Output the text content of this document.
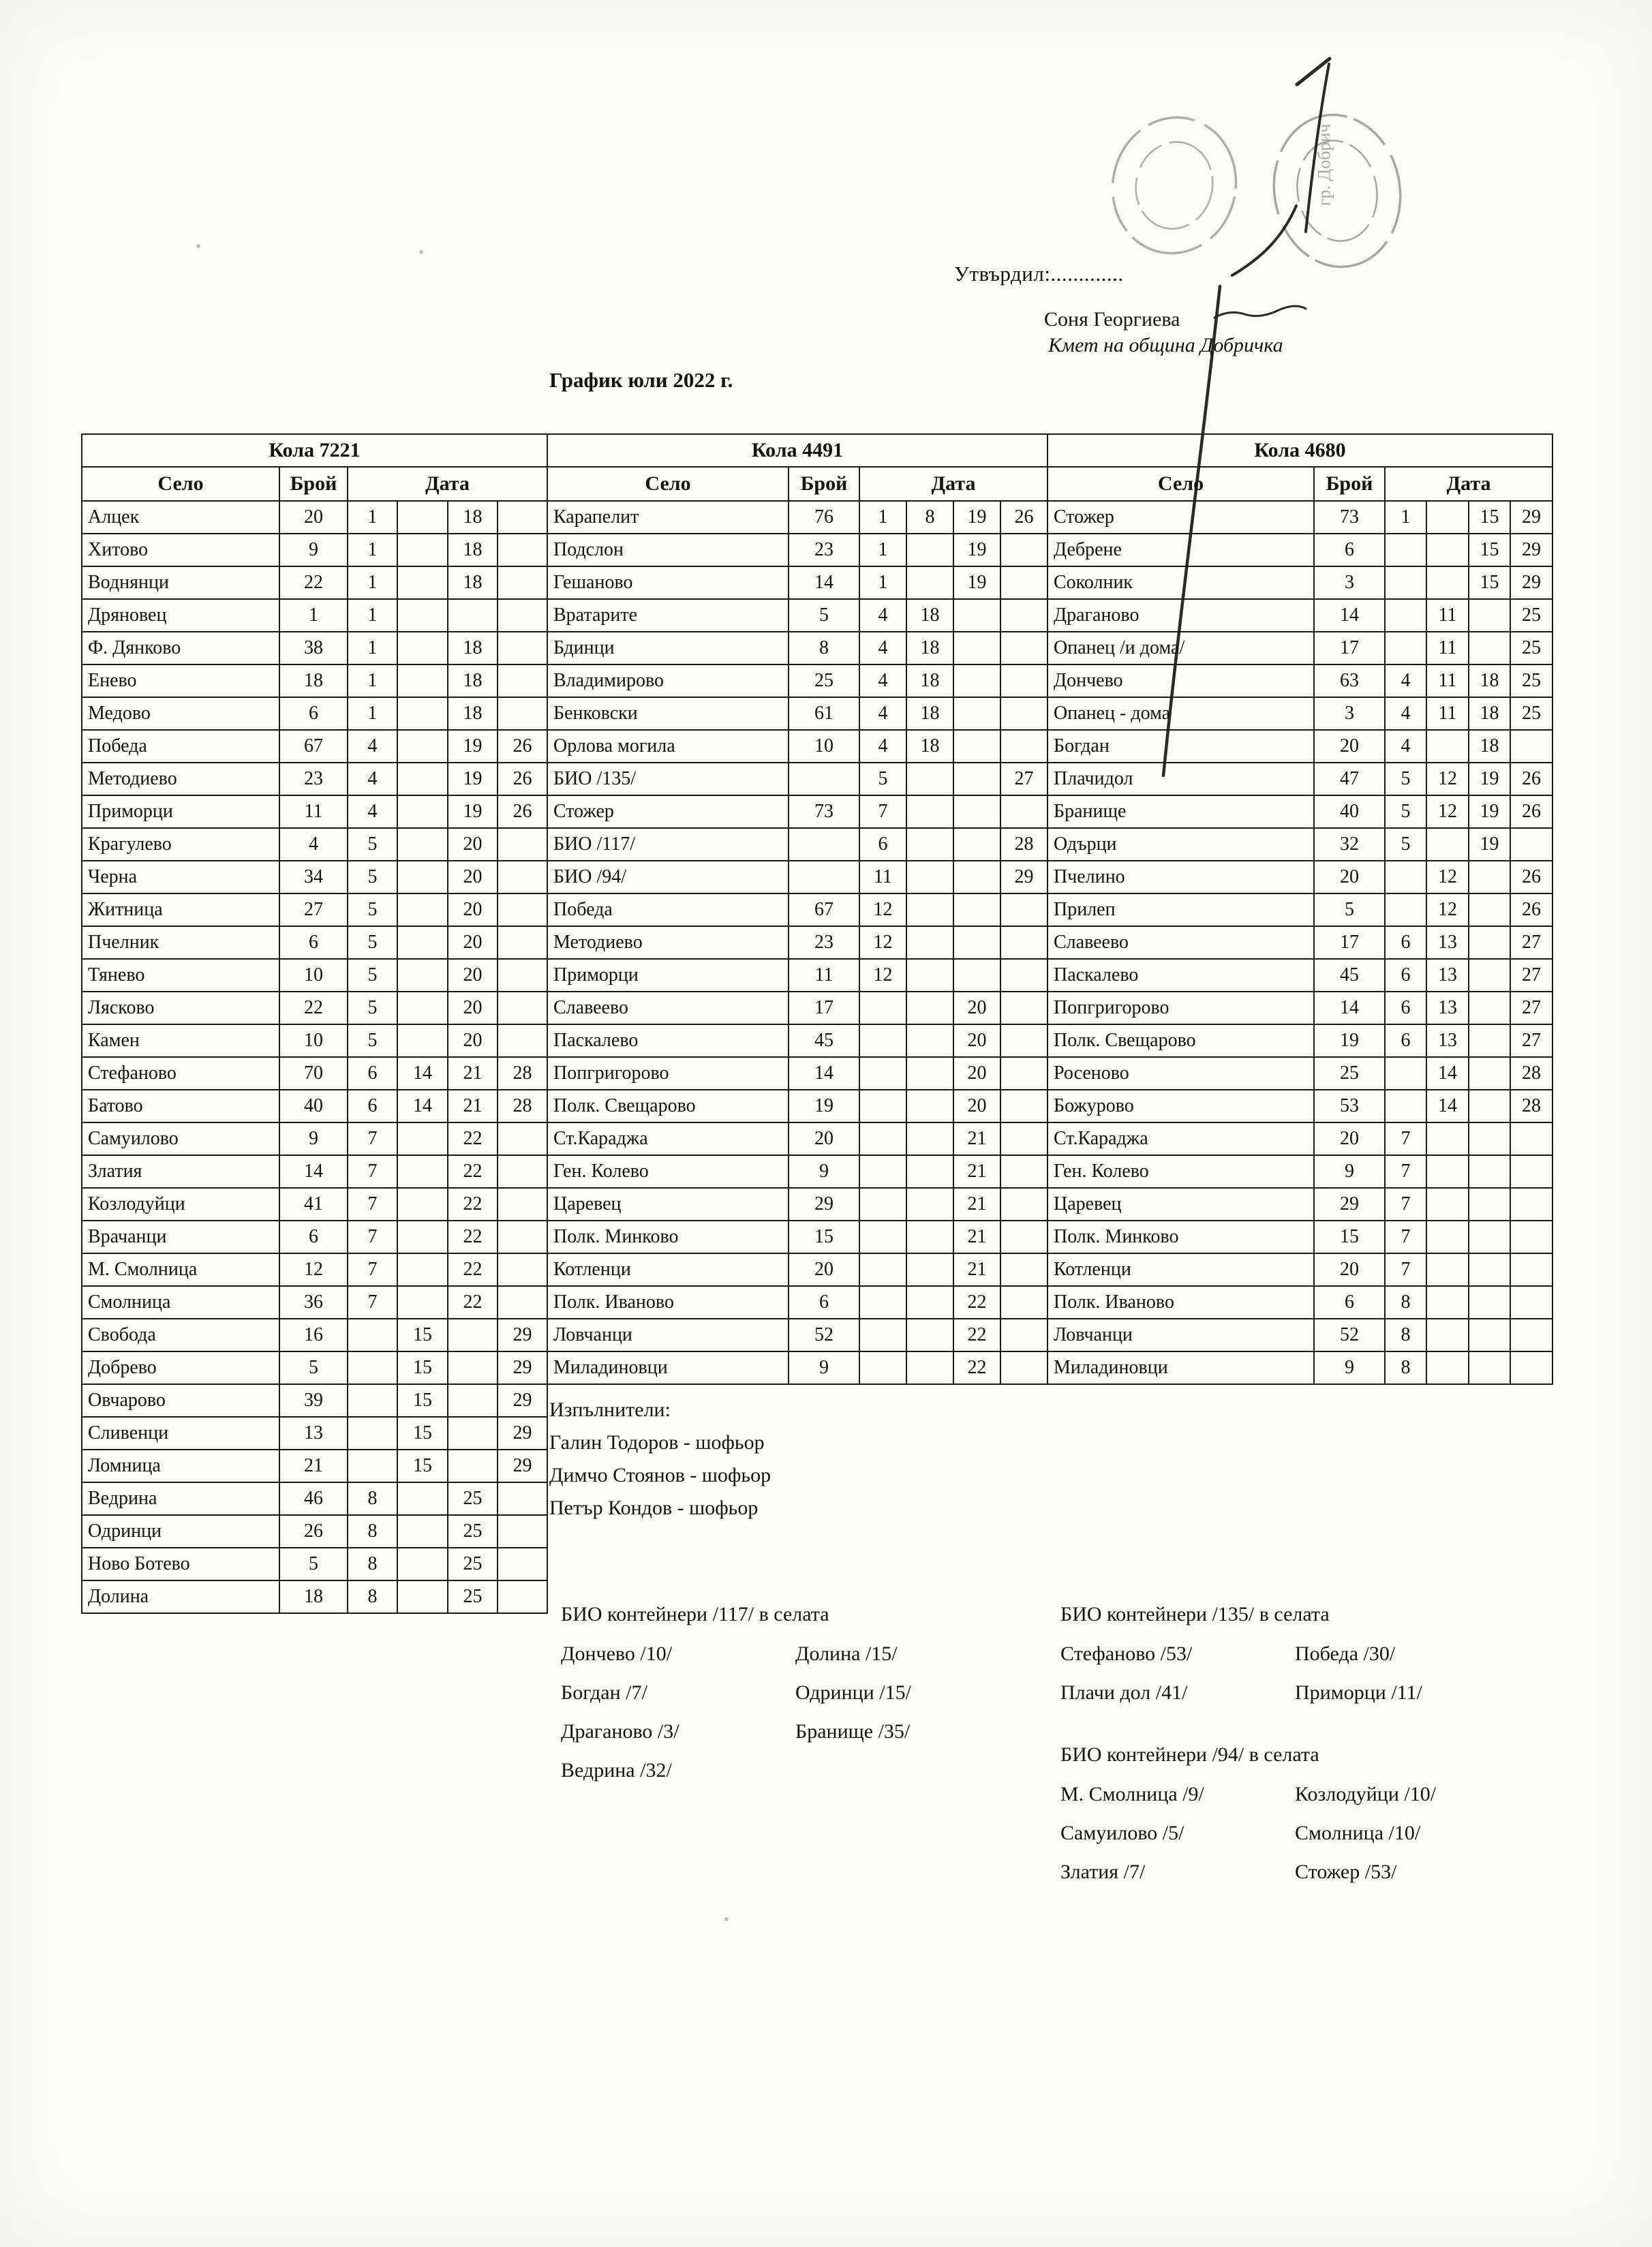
гр. Добрич
Утвърдил:.............
Соня Георгиева
Кмет на община Добричка
График юли 2022 г.
Кола 7221					
Село	Брой	Дата			
Алцек	20	1		18	
Хитово	9	1		18	
Воднянци	22	1		18	
Дряновец	1	1			
Ф. Дянково	38	1		18	
Енево	18	1		18	
Медово	6	1		18	
Победа	67	4		19	26
Методиево	23	4		19	26
Приморци	11	4		19	26
Крагулево	4	5		20	
Черна	34	5		20	
Житница	27	5		20	
Пчелник	6	5		20	
Тянево	10	5		20	
Лясково	22	5		20	
Камен	10	5		20	
Стефаново	70	6	14	21	28
Батово	40	6	14	21	28
Самуилово	9	7		22	
Златия	14	7		22	
Козлодуйци	41	7		22	
Врачанци	6	7		22	
М. Смолница	12	7		22	
Смолница	36	7		22	
Свобода	16		15		29
Добрево	5		15		29
Овчарово	39		15		29
Сливенци	13		15		29
Ломница	21		15		29
Ведрина	46	8		25	
Одринци	26	8		25	
Ново Ботево	5	8		25	
Долина	18	8		25	
Кола 4491					
Село	Брой	Дата			
Карапелит	76	1	8	19	26
Подслон	23	1		19	
Гешаново	14	1		19	
Вратарите	5	4	18		
Бдинци	8	4	18		
Владимирово	25	4	18		
Бенковски	61	4	18		
Орлова могила	10	4	18		
БИО /135/		5			27
Стожер	73	7			
БИО /117/		6			28
БИО /94/		11			29
Победа	67	12			
Методиево	23	12			
Приморци	11	12			
Славеево	17			20	
Паскалево	45			20	
Попгригорово	14			20	
Полк. Свещарово	19			20	
Ст.Караджа	20			21	
Ген. Колево	9			21	
Царевец	29			21	
Полк. Минково	15			21	
Котленци	20			21	
Полк. Иваново	6			22	
Ловчанци	52			22	
Миладиновци	9			22	
Кола 4680					
Село	Брой	Дата			
Стожер	73	1		15	29
Дебрене	6			15	29
Соколник	3			15	29
Драганово	14		11		25
Опанец /и дома/	17		11		25
Дончево	63	4	11	18	25
Опанец - дома	3	4	11	18	25
Богдан	20	4		18	
Плачидол	47	5	12	19	26
Бранище	40	5	12	19	26
Одърци	32	5		19	
Пчелино	20		12		26
Прилеп	5		12		26
Славеево	17	6	13		27
Паскалево	45	6	13		27
Попгригорово	14	6	13		27
Полк. Свещарово	19	6	13		27
Росеново	25		14		28
Божурово	53		14		28
Ст.Караджа	20	7			
Ген. Колево	9	7			
Царевец	29	7			
Полк. Минково	15	7			
Котленци	20	7			
Полк. Иваново	6	8			
Ловчанци	52	8			
Миладиновци	9	8			
Изпълнители:
Галин Тодоров - шофьор
Димчо Стоянов - шофьор
Петър Кондов - шофьор
БИО контейнери /117/ в селата
Дончево /10/	Долина /15/
Богдан /7/	Одринци /15/
Драганово /3/	Бранище /35/
Ведрина /32/
БИО контейнери /135/ в селата
Стефаново /53/	Победа /30/
Плачи дол /41/	Приморци /11/
БИО контейнери /94/ в селата
М. Смолница /9/	Козлодуйци /10/
Самуилово /5/	Смолница /10/
Златия /7/	Стожер /53/
